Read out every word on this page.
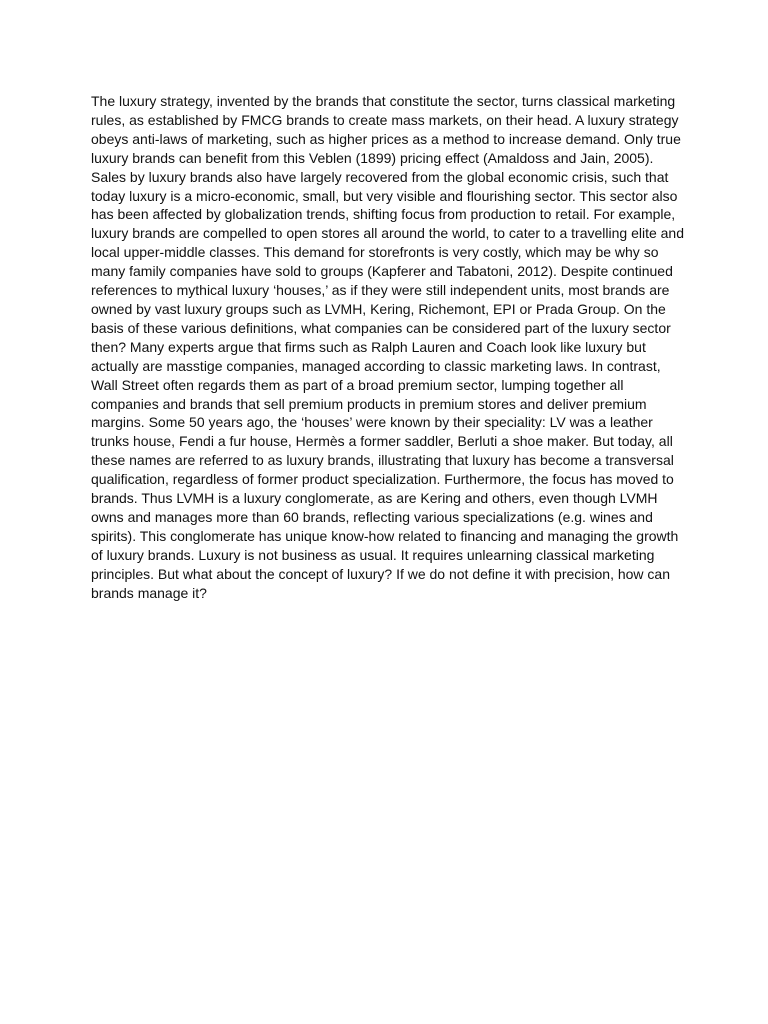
The luxury strategy, invented by the brands that constitute the sector, turns classical marketing
rules, as established by FMCG brands to create mass markets, on their head. A luxury strategy
obeys anti-laws of marketing, such as higher prices as a method to increase demand. Only true
luxury brands can benefit from this Veblen (1899) pricing effect (Amaldoss and Jain, 2005).
Sales by luxury brands also have largely recovered from the global economic crisis, such that
today luxury is a micro-economic, small, but very visible and flourishing sector. This sector also
has been affected by globalization trends, shifting focus from production to retail. For example,
luxury brands are compelled to open stores all around the world, to cater to a travelling elite and
local upper-middle classes. This demand for storefronts is very costly, which may be why so
many family companies have sold to groups (Kapferer and Tabatoni, 2012). Despite continued
references to mythical luxury ‘houses,’ as if they were still independent units, most brands are
owned by vast luxury groups such as LVMH, Kering, Richemont, EPI or Prada Group. On the
basis of these various definitions, what companies can be considered part of the luxury sector
then? Many experts argue that firms such as Ralph Lauren and Coach look like luxury but
actually are masstige companies, managed according to classic marketing laws. In contrast,
Wall Street often regards them as part of a broad premium sector, lumping together all
companies and brands that sell premium products in premium stores and deliver premium
margins. Some 50 years ago, the ‘houses’ were known by their speciality: LV was a leather
trunks house, Fendi a fur house, Hermès a former saddler, Berluti a shoe maker. But today, all
these names are referred to as luxury brands, illustrating that luxury has become a transversal
qualification, regardless of former product specialization. Furthermore, the focus has moved to
brands. Thus LVMH is a luxury conglomerate, as are Kering and others, even though LVMH
owns and manages more than 60 brands, reflecting various specializations (e.g. wines and
spirits). This conglomerate has unique know-how related to financing and managing the growth
of luxury brands. Luxury is not business as usual. It requires unlearning classical marketing
principles. But what about the concept of luxury? If we do not define it with precision, how can
brands manage it?
